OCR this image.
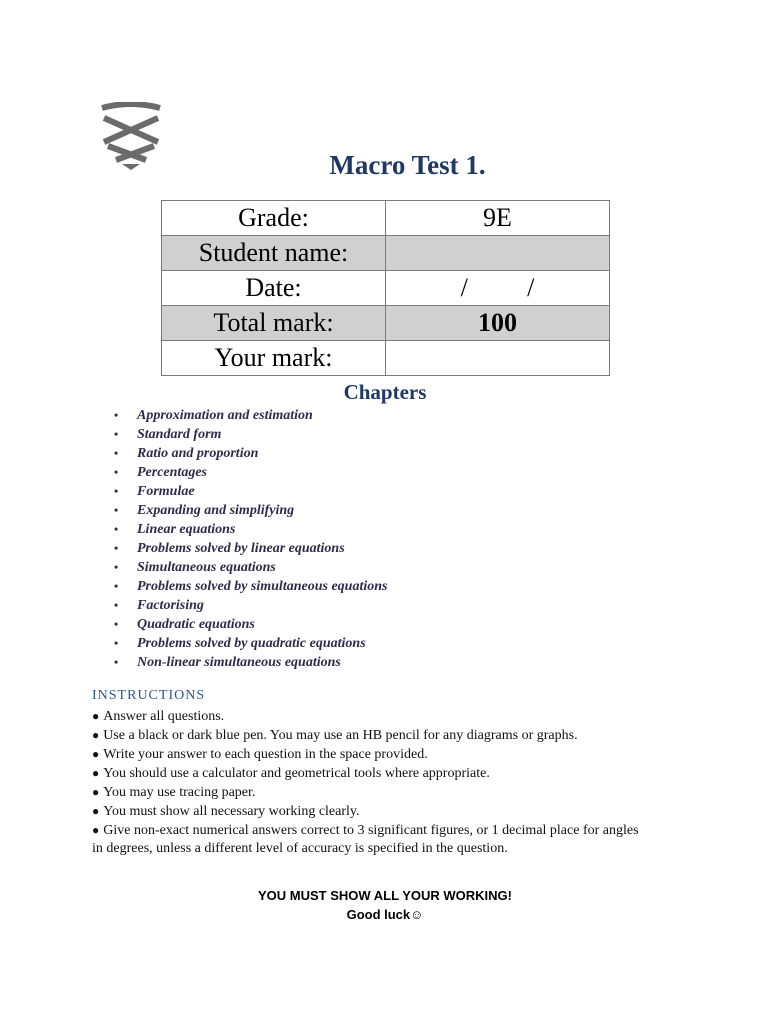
Macro Test 1.
Grade:	9E
Student name:	
Date:	/ /
Total mark:	100
Your mark:	
Chapters
• Approximation and estimation
• Standard form
• Ratio and proportion
• Percentages
• Formulae
• Expanding and simplifying
• Linear equations
• Problems solved by linear equations
• Simultaneous equations
• Problems solved by simultaneous equations
• Factorising
• Quadratic equations
• Problems solved by quadratic equations
• Non-linear simultaneous equations
INSTRUCTIONS
● Answer all questions.
● Use a black or dark blue pen. You may use an HB pencil for any diagrams or graphs.
● Write your answer to each question in the space provided.
● You should use a calculator and geometrical tools where appropriate.
● You may use tracing paper.
● You must show all necessary working clearly.
● Give non-exact numerical answers correct to 3 significant figures, or 1 decimal place for angles in degrees, unless a different level of accuracy is specified in the question.
YOU MUST SHOW ALL YOUR WORKING!
Good luck☺
